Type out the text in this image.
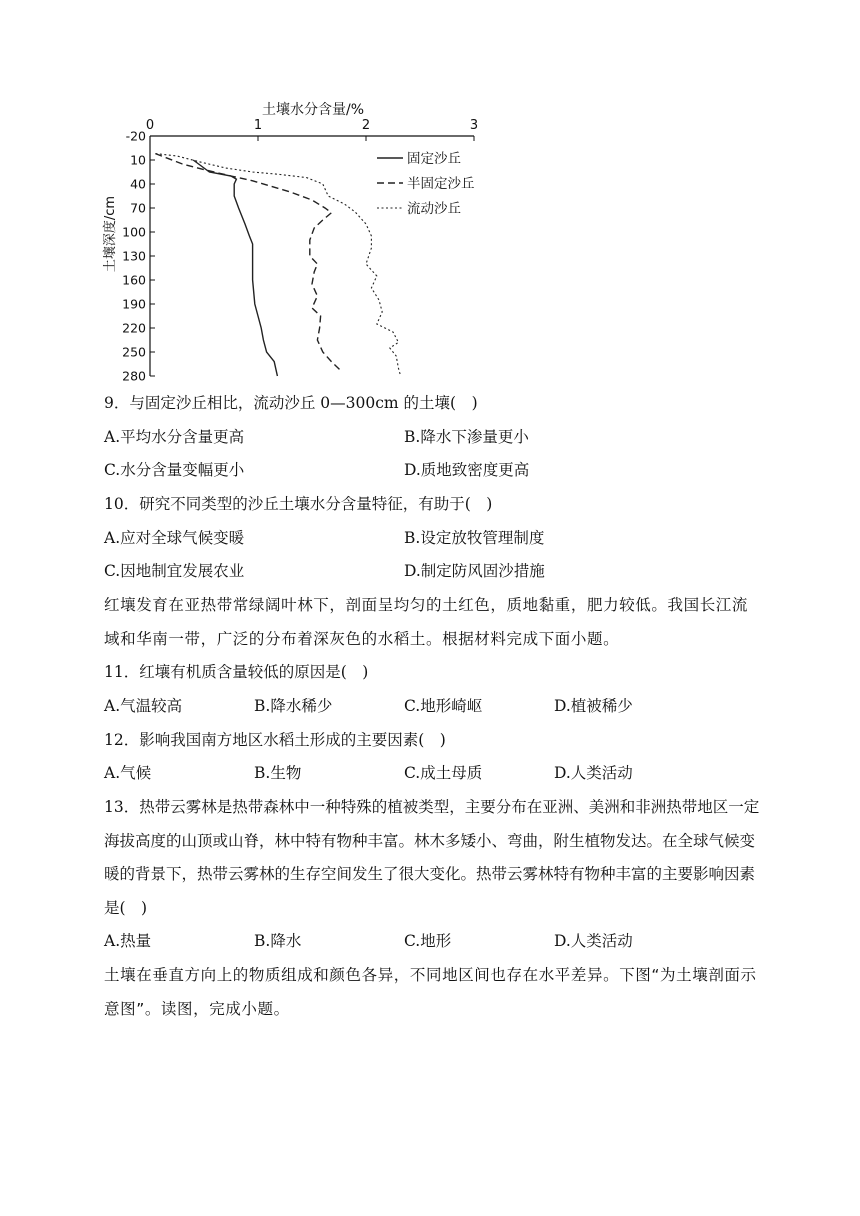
土壤水分含量/%
0	1	2	3
-20
10
40
70
100
130
160
190
220
250
280
土壤深度/cm
固定沙丘
半固定沙丘
流动沙丘
9．与固定沙丘相比，流动沙丘 0—300cm 的土壤(　)
A.平均水分含量更高	B.降水下渗量更小
C.水分含量变幅更小	D.质地致密度更高
10．研究不同类型的沙丘土壤水分含量特征，有助于(　)
A.应对全球气候变暖	B.设定放牧管理制度
C.因地制宜发展农业	D.制定防风固沙措施
红壤发育在亚热带常绿阔叶林下，剖面呈均匀的土红色，质地黏重，肥力较低。我国长江流域和华南一带，广泛的分布着深灰色的水稻土。根据材料完成下面小题。
11．红壤有机质含量较低的原因是(　)
A.气温较高	B.降水稀少	C.地形崎岖	D.植被稀少
12．影响我国南方地区水稻土形成的主要因素(　)
A.气候	B.生物	C.成土母质	D.人类活动
13．热带云雾林是热带森林中一种特殊的植被类型，主要分布在亚洲、美洲和非洲热带地区一定海拔高度的山顶或山脊，林中特有物种丰富。林木多矮小、弯曲，附生植物发达。在全球气候变暖的背景下，热带云雾林的生存空间发生了很大变化。热带云雾林特有物种丰富的主要影响因素是(　)
A.热量	B.降水	C.地形	D.人类活动
土壤在垂直方向上的物质组成和颜色各异，不同地区间也存在水平差异。下图“为土壤剖面示意图”。读图，完成小题。
